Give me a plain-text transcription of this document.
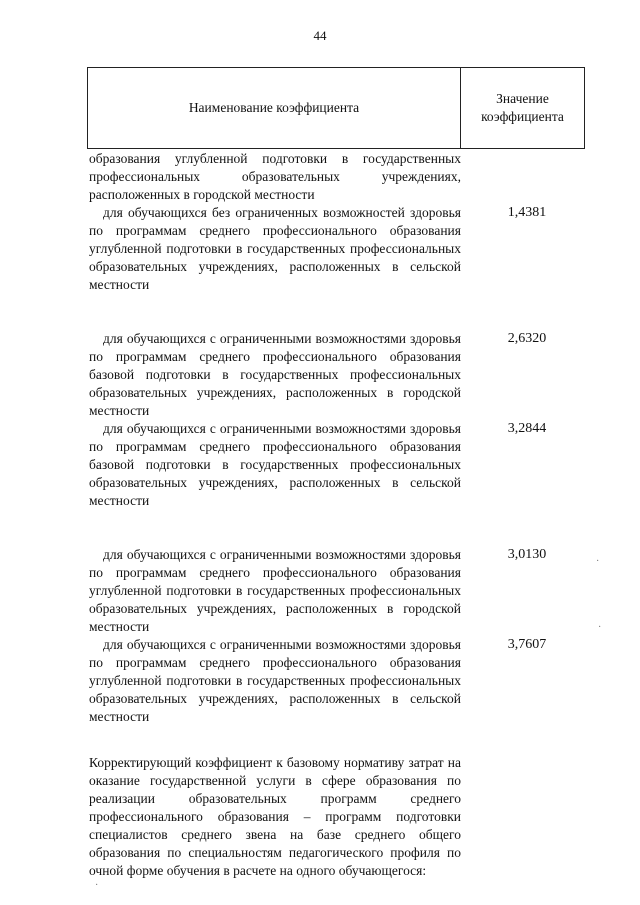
44
Наименование коэффициента
Значение
коэффициента
образования углубленной подготовки в государственных профессиональных образовательных учреждениях, расположенных в городской местности
для обучающихся без ограниченных возможностей здоровья по программам среднего профессионального образования углубленной подготовки в государственных профессиональных образовательных учреждениях, расположенных в сельской местности
1,4381
для обучающихся с ограниченными возможностями здоровья по программам среднего профессионального образования базовой подготовки в государственных профессиональных образовательных учреждениях, расположенных в городской местности
2,6320
для обучающихся с ограниченными возможностями здоровья по программам среднего профессионального образования базовой подготовки в государственных профессиональных образовательных учреждениях, расположенных в сельской местности
3,2844
для обучающихся с ограниченными возможностями здоровья по программам среднего профессионального образования углубленной подготовки в государственных профессиональных образовательных учреждениях, расположенных в городской местности
3,0130
для обучающихся с ограниченными возможностями здоровья по программам среднего профессионального образования углубленной подготовки в государственных профессиональных образовательных учреждениях, расположенных в сельской местности
3,7607
Корректирующий коэффициент к базовому нормативу затрат на оказание государственной услуги в сфере образования по реализации образовательных программ среднего профессионального образования – программ подготовки специалистов среднего звена на базе среднего общего образования по специальностям педагогического профиля по очной форме обучения в расчете на одного обучающегося:
·
·
·
